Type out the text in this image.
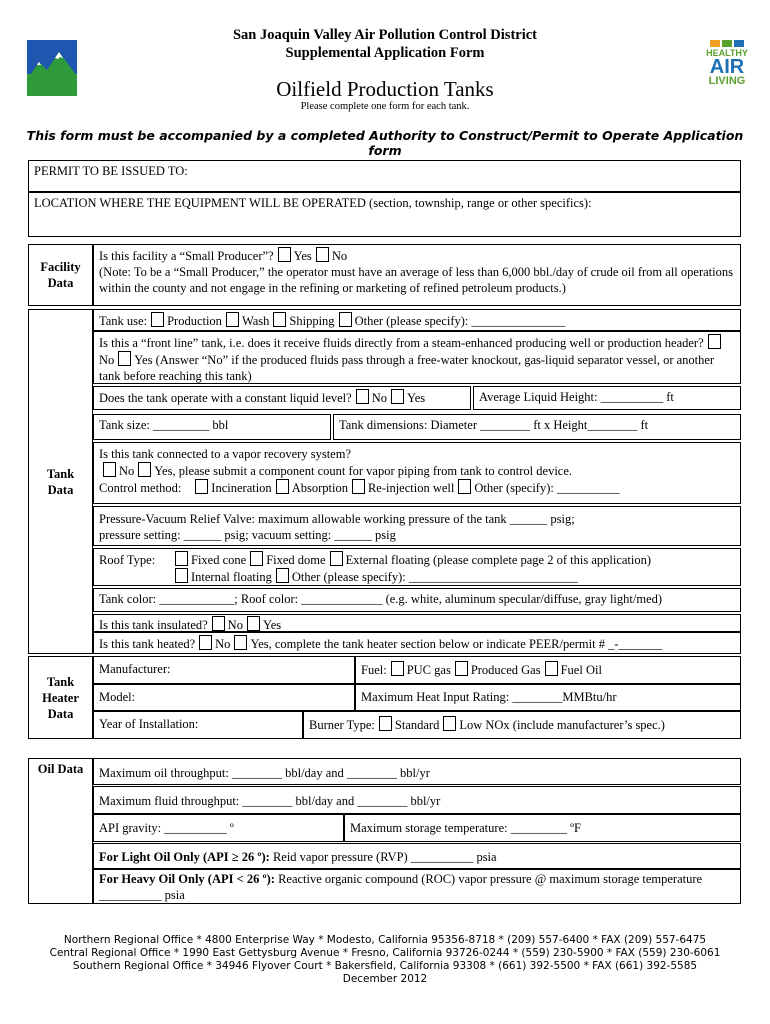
HEALTHY
AIR
LIVING
San Joaquin Valley Air Pollution Control District
Supplemental Application Form
Oilfield Production Tanks
Please complete one form for each tank.
This form must be accompanied by a completed Authority to Construct/Permit to Operate Application form
PERMIT TO BE ISSUED TO:
LOCATION WHERE THE EQUIPMENT WILL BE OPERATED (section, township, range or other specifics):
Facility Data
Is this facility a “Small Producer”? Yes No
(Note: To be a “Small Producer,” the operator must have an average of less than 6,000 bbl./day of crude oil from all operations within the county and not engage in the refining or marketing of refined petroleum products.)
Tank Data
Tank use: Production Wash Shipping Other (please specify): _______________
Is this a “front line” tank, i.e. does it receive fluids directly from a steam-enhanced producing well or production header?No Yes (Answer “No” if the produced fluids pass through a free-water knockout, gas-liquid separator vessel, or another tank before reaching this tank)
Does the tank operate with a constant liquid level? No Yes	Average Liquid Height: __________ ft
Tank size: _________ bbl	Tank dimensions: Diameter ________ ft x Height________ ft
Is this tank connected to a vapor recovery system?
No Yes, please submit a component count for vapor piping from tank to control device.
Control method: Incineration Absorption Re-injection well Other (specify): __________
Pressure-Vacuum Relief Valve: maximum allowable working pressure of the tank ______ psig;
pressure setting: ______ psig; vacuum setting: ______ psig
Roof Type:	Fixed cone Fixed dome External floating (please complete page 2 of this application)
Internal floating Other (please specify): ___________________________
Tank color: ____________; Roof color: _____________ (e.g. white, aluminum specular/diffuse, gray light/med)
Is this tank insulated? No Yes
Is this tank heated? No Yes, complete the tank heater section below or indicate PEER/permit # _-_______
Tank Heater Data
Manufacturer:	Fuel: PUC gas Produced Gas Fuel Oil
Model:	Maximum Heat Input Rating: ________MMBtu/hr
Year of Installation:	Burner Type: Standard Low NOx (include manufacturer’s spec.)
Oil Data	Maximum oil throughput: ________ bbl/day and ________ bbl/yr
Maximum fluid throughput: ________ bbl/day and ________ bbl/yr
API gravity: __________ º	Maximum storage temperature: _________ ºF
For Light Oil Only (API ≥ 26 º): Reid vapor pressure (RVP) __________ psia
For Heavy Oil Only (API < 26 º): Reactive organic compound (ROC) vapor pressure @ maximum storage temperature __________ psia
Northern Regional Office * 4800 Enterprise Way * Modesto, California 95356-8718 * (209) 557-6400 * FAX (209) 557-6475
Central Regional Office * 1990 East Gettysburg Avenue * Fresno, California 93726-0244 * (559) 230-5900 * FAX (559) 230-6061
Southern Regional Office * 34946 Flyover Court * Bakersfield, California 93308 * (661) 392-5500 * FAX (661) 392-5585
December 2012
